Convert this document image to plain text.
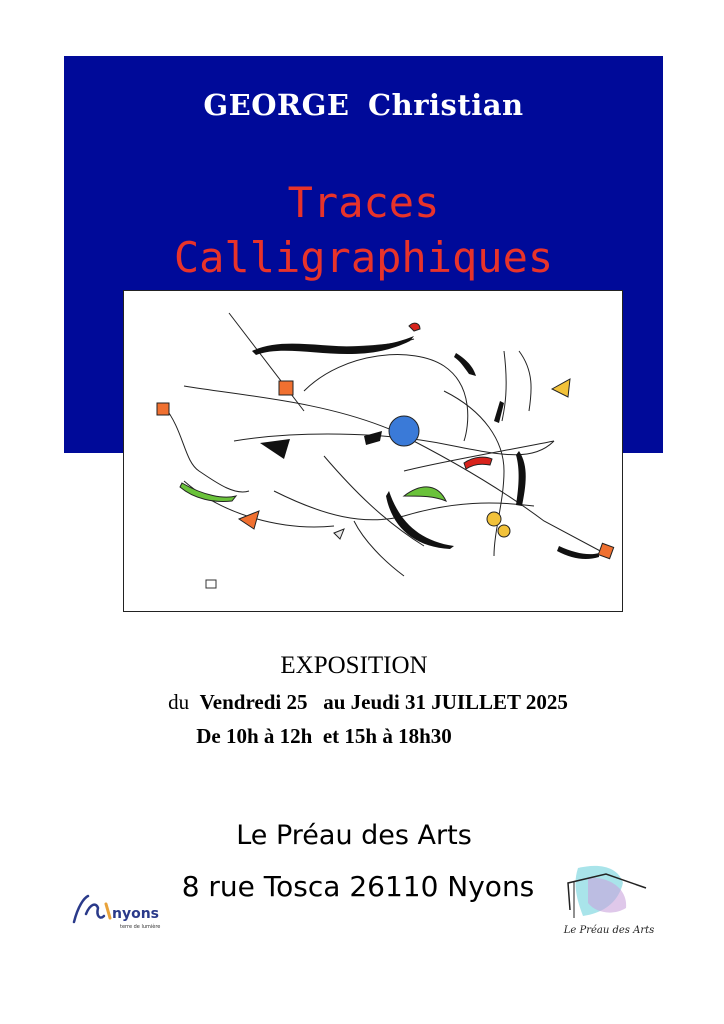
GEORGE Christian
Traces
Calligraphiques
EXPOSITION
du Vendredi 25   au Jeudi 31 JUILLET 2025
De 10h à 12h  et 15h à 18h30
Le Préau des Arts
8 rue Tosca 26110 Nyons
nyons
terre de lumière	Le Préau des Arts
